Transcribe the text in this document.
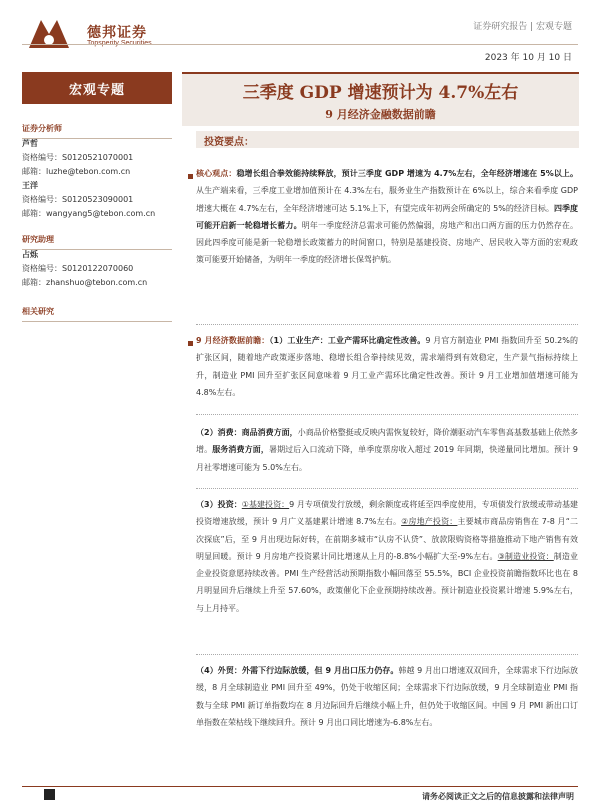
德邦证券
Topsperity Securities
证券研究报告 | 宏观专题
2023 年 10 月 10 日
宏观专题
证券分析师
芦哲
资格编号：S0120521070001
邮箱：luzhe@tebon.com.cn
王洋
资格编号：S0120523090001
邮箱：wangyang5@tebon.com.cn
研究助理
占烁
资格编号：S0120122070060
邮箱：zhanshuo@tebon.com.cn
相关研究
三季度 GDP 增速预计为 4.7%左右
9 月经济金融数据前瞻
投资要点：
核心观点：稳增长组合拳效能持续释放，预计三季度 GDP 增速为 4.7%左右，全年经济增速在 5%以上。从生产端来看，三季度工业增加值预计在 4.3%左右，服务业生产指数预计在 6%以上，综合来看季度 GDP 增速大概在 4.7%左右，全年经济增速可达 5.1%上下，有望完成年初两会所确定的 5%的经济目标。四季度可能开启新一轮稳增长蓄力。明年一季度经济总需求可能仍然偏弱，房地产和出口两方面的压力仍然存在。因此四季度可能是新一轮稳增长政策蓄力的时间窗口，特别是基建投资、房地产、居民收入等方面的宏观政策可能要开始储备，为明年一季度的经济增长保驾护航。
9 月经济数据前瞻：（1）工业生产：工业产需环比确定性改善。9 月官方制造业 PMI 指数回升至 50.2%的扩张区间，随着地产政策逐步落地、稳增长组合拳持续见效，需求端得到有效稳定，生产景气指标持续上升，制造业 PMI 回升至扩张区间意味着 9 月工业产需环比确定性改善。预计 9 月工业增加值增速可能为 4.8%左右。
（2）消费：商品消费方面，小商品价格整挺或反映内需恢复较好，降价潮驱动汽车零售高基数基础上依然多增。服务消费方面，暑期过后入口流动下降，单季度票房收入超过 2019 年同期，快递量同比增加。预计 9 月社零增速可能为 5.0%左右。
（3）投资：①基建投资：9 月专项债发行放缓，剩余额度或将延至四季度使用，专项债发行放缓或带动基建投资增速放缓，预计 9 月广义基建累计增速 8.7%左右。②房地产投资：主要城市商品房销售在 7-8 月“二次探底”后，至 9 月出现边际好转，在前期多城市“认房不认贷”、放款限购资格等措施推动下地产销售有效明显回暖。预计 9 月房地产投资累计同比增速从上月的-8.8%小幅扩大至-9%左右。③制造业投资：制造业企业投资意愿持续改善。PMI 生产经营活动预期指数小幅回落至 55.5%，BCI 企业投资前瞻指数环比也在 8 月明显回升后继续上升至 57.60%，政策催化下企业预期持续改善。预计制造业投资累计增速 5.9%左右，与上月持平。
（4）外贸：外需下行边际放缓，但 9 月出口压力仍存。韩越 9 月出口增速双双回升，全球需求下行边际放缓，8 月全球制造业 PMI 回升至 49%，仍处于收缩区间；全球需求下行边际放缓，9 月全球制造业 PMI 指数与全球 PMI 新订单指数均在 8 月边际回升后继续小幅上升，但仍处于收缩区间。中国 9 月 PMI 新出口订单指数在荣枯线下继续回升。预计 9 月出口同比增速为-6.8%左右。
请务必阅读正文之后的信息披露和法律声明
